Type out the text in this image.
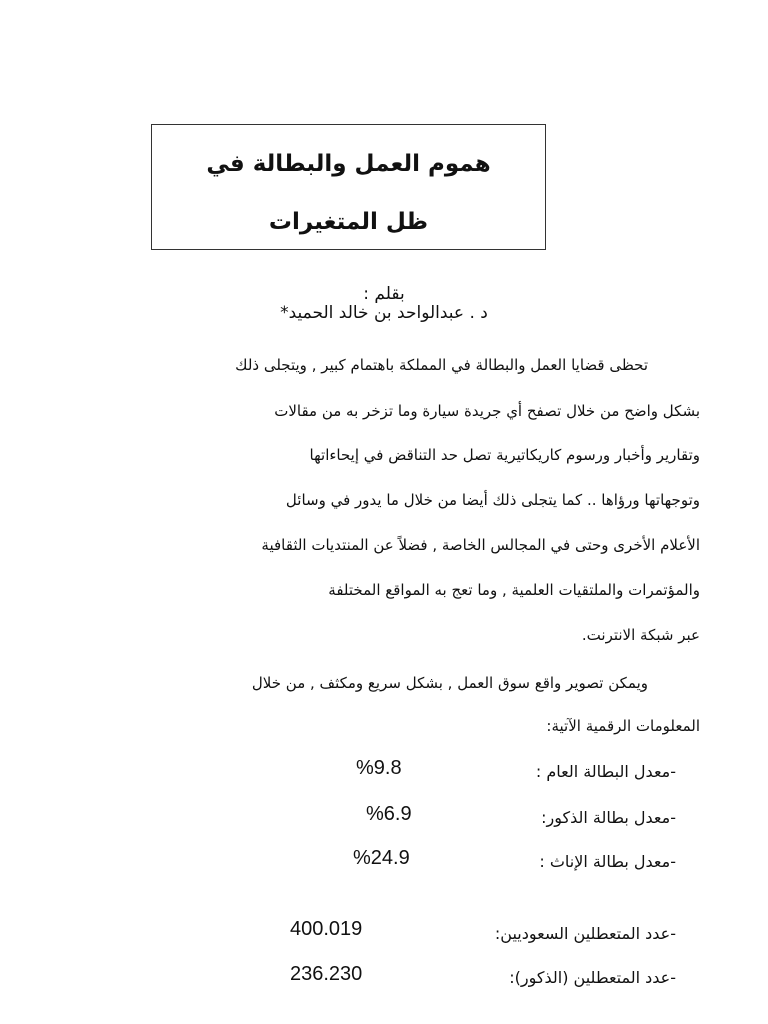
هموم العمل والبطالة في
ظل المتغيرات
بقلم :
د . عبدالواحد بن خالد الحميد*
تحظى قضايا العمل والبطالة في المملكة باهتمام كبير , ويتجلى ذلك
بشكل واضح من خلال تصفح أي جريدة سيارة وما تزخر به من مقالات
وتقارير وأخبار ورسوم كاريكاتيرية تصل حد التناقض في إيحاءاتها
وتوجهاتها ورؤاها .. كما يتجلى ذلك أيضا من خلال ما يدور في وسائل
الأعلام الأخرى وحتى في المجالس الخاصة , فضلاً عن المنتديات الثقافية
والمؤتمرات والملتقيات العلمية , وما تعج به المواقع المختلفة
عبر شبكة الانترنت.
ويمكن تصوير واقع سوق العمل , بشكل سريع ومكثف , من خلال
المعلومات الرقمية الآتية:
-معدل البطالة العام :
%9.8
-معدل بطالة الذكور:
%6.9
-معدل بطالة الإناث :
%24.9
-عدد المتعطلين السعوديين:
400.019
-عدد المتعطلين (الذكور):
236.230
